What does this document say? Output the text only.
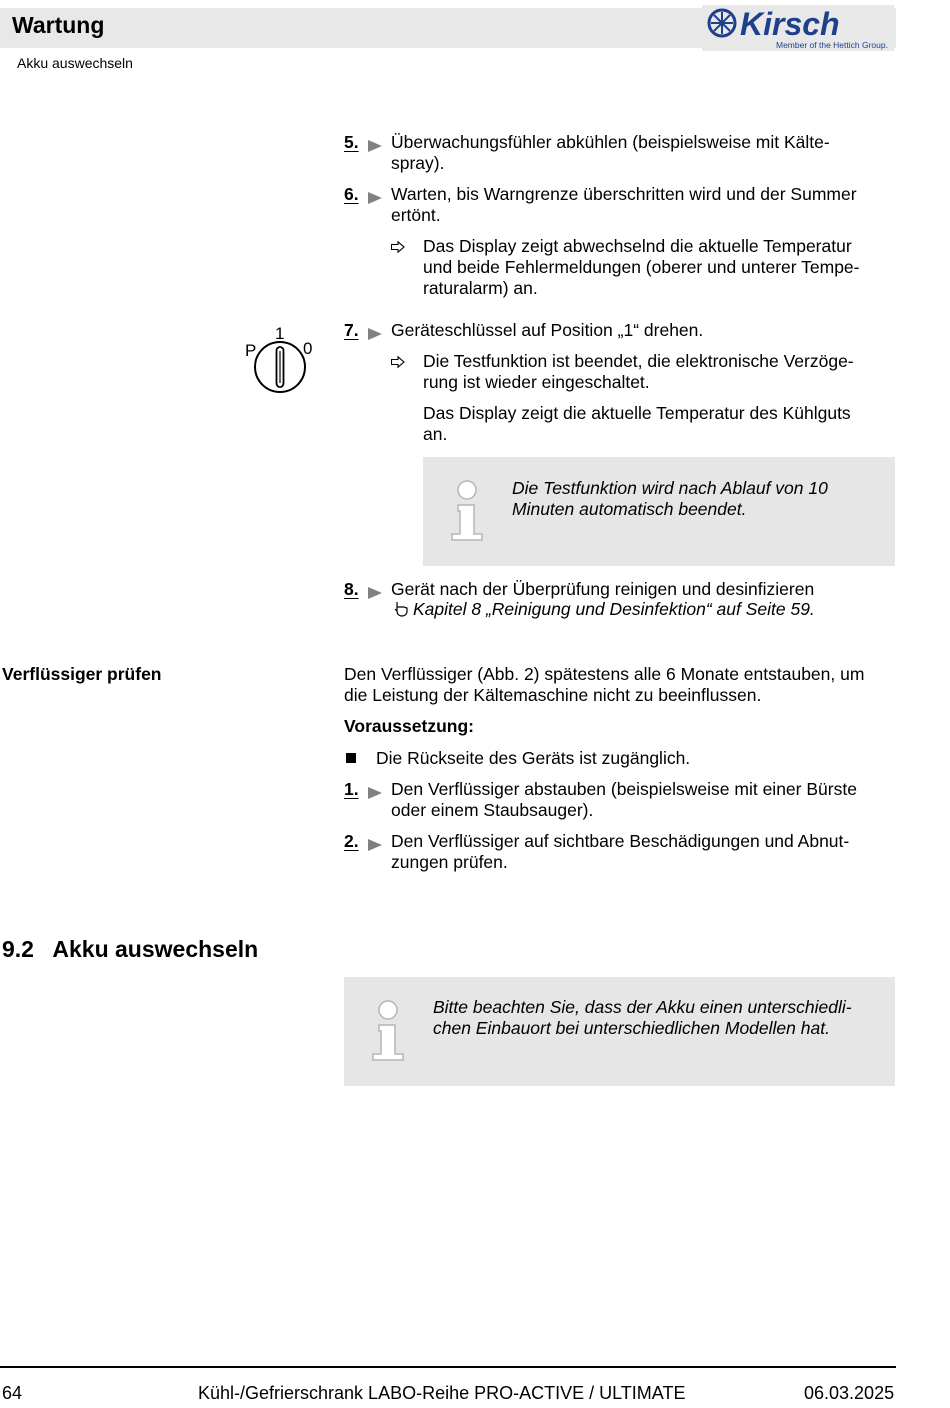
Wartung
Akku auswechseln
Kirsch
Member of the Hettich Group.
5. Überwachungsfühler abkühlen (beispielsweise mit Kälte-
spray).
6. Warten, bis Warngrenze überschritten wird und der Summer
ertönt.
Das Display zeigt abwechselnd die aktuelle Temperatur
und beide Fehlermeldungen (oberer und unterer Tempe-
raturalarm) an.
P
1
0
7. Geräteschlüssel auf Position „1“ drehen.
Die Testfunktion ist beendet, die elektronische Verzöge-
rung ist wieder eingeschaltet.
Das Display zeigt die aktuelle Temperatur des Kühlguts
an.
Die Testfunktion wird nach Ablauf von 10
Minuten automatisch beendet.
8. Gerät nach der Überprüfung reinigen und desinfizieren
Kapitel 8 „Reinigung und Desinfektion“ auf Seite 59.
Verflüssiger prüfen	Den Verflüssiger (Abb. 2) spätestens alle 6 Monate entstauben, um
die Leistung der Kältemaschine nicht zu beeinflussen.
Voraussetzung:
Die Rückseite des Geräts ist zugänglich.
1. Den Verflüssiger abstauben (beispielsweise mit einer Bürste
oder einem Staubsauger).
2. Den Verflüssiger auf sichtbare Beschädigungen und Abnut-
zungen prüfen.
9.2 Akku auswechseln
Bitte beachten Sie, dass der Akku einen unterschiedli-
chen Einbauort bei unterschiedlichen Modellen hat.
64	Kühl-/Gefrierschrank LABO-Reihe PRO-ACTIVE / ULTIMATE	06.03.2025
